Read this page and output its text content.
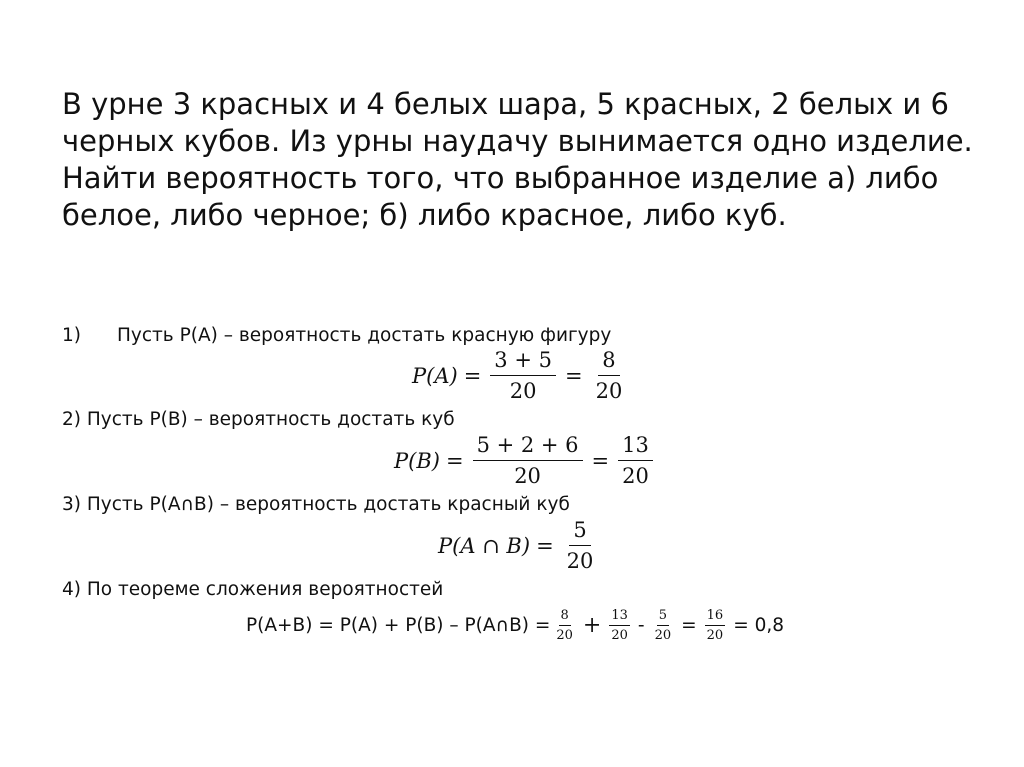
В урне 3 красных и 4 белых шара, 5 красных, 2 белых и 6 черных кубов. Из урны наудачу вынимается одно изделие. Найти вероятность того, что выбранное изделие а) либо белое, либо черное; б) либо красное, либо куб.

1) Пусть Р(А) – вероятность достать красную фигуру
$P(A) = \frac{3 + 5}{20} = \frac{8}{20}$
2) Пусть Р(В) – вероятность достать куб
$P(B) = \frac{5 + 2 + 6}{20} = \frac{13}{20}$
3) Пусть Р(А∩В) – вероятность достать красный куб
P(A ∩ $B) = \frac{5}{20}$
4) По теореме сложения вероятностей
Р(А+В) = Р(А) + Р(В) – Р(А∩В) = $\frac{8}{20} + \frac{13}{20} - \frac{5}{20} = \frac{16}{20} = 0,8$
